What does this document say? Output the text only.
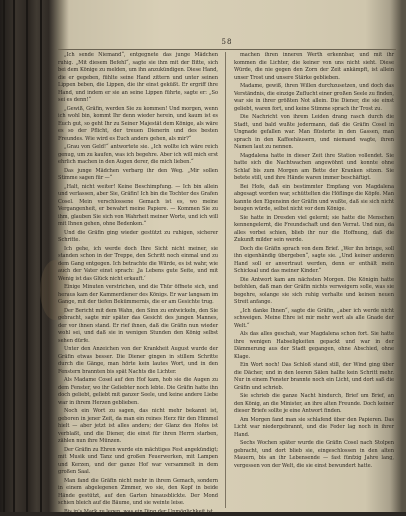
58

„Ich sende Niemand“, entgegnete das junge Mädchen ruhig. „Mit diesem Befehl“, sagte sie ihm mit der Bitte, sich bei dem Könige zu melden, um ihn anzukündigen. Diese Hand, die er gegeben, fühlte seine Hand zittern und unter seinen Lippen beben, die Lippen, die ihr einst geküßt. Er ergriff ihre Hand, und indem er sie an seine Lippen führte, sagte er: „So sei es denn!“

„Gewiß, Gräfin, werden Sie zu kommen! Und morgen, wenn ich wohl bin, kommt Ihr denn wieder herein, und kaum ist es Euch gut, so geht Ihr zu Seiner Majestät dem Könige, als wäre es so der Pflicht, der treuen Dienerin und des besten Freundes. Wie wird es Euch anders gehen, als mir?“

„Grau von Geld!“ antwortete sie. „Ich wollte ich wäre reich genug, um zu kaufen, was ich begehre. Aber ich will mich erst ehrlich machen in den Augen derer, die mich lieben.“

Das junge Mädchen verbarg ihr den Weg. „Mir sollen Stimme sagen für —“

„Halt, nicht weiter! Keine Beschimpfung. — Ich bin allein und verlassen, aber Sie, Gräfin! Ich bin die Tochter des Grafen Cosel. Mein verschlossene Gemach ist es, wo meine Vergangenheit, er bewahrt meine Papiere. — Kommen Sie zu ihm, glauben Sie sich von Wahrheit meiner Worte, und ich will mit Ihnen gehen, ohne Bedenken.“

Und die Gräfin ging wieder gestützt zu ruhigen, sicherer Schritte.

Ich gehe, ich werde doch Ihre Sicht nicht meiner, sie standen schon in der Treppe, den Schritt noch einmal und zu dem Gang entgegen. Ich betrachte die Würde, es ist wahr, wie auch der Vater einst sprach: ‚Ja Lebens gute Seite, und mit Wenig ist das Glück nicht erkauft.‘

Einige Minuten verstrichen, und die Thür öffnete sich, und heraus kam der Kammerdiener des Königs. Er war langsam im Gange, mit der tiefen Bekümmernis, die er am Gesichte trug.

Der Bericht mit dem Wahn, den Sinn zu entwickeln, den Sie gebracht, sagte mir später das Gesicht des jungen Mannes, der vor ihnen stand. Er rief ihnen, daß die Gräfin nun wieder wohl sei, und daß sie in wenigen Stunden den König selbst sehen dürfe.

Unter den Anzeichen von der Krankheit August wurde der Gräfin etwas besser. Die Diener gingen in stillem Schritte durch die Gänge, man hörte kein lautes Wort, und in den Fenstern brannten bis spät Nachts die Lichter.

Als Madame Cosel auf den Hof kam, hob sie die Augen zu dem Fenster, wo ihr Geliebter noch lebte. Die Gräfin hatte ihn doch geliebt, geliebt mit ganzer Seele, und keine andere Liebe war in ihrem Herzen geblieben.

Noch ein Wort zu sagen, das nicht mehr bekannt ist, geboren in jener Zeit, da man ein reines Herz für den Himmel hielt — aber jetzt ist alles anders; der Glanz des Hofes ist verblaßt, und die Diener, die einst für ihren Herrn starben, zählen nun ihre Münzen.

Der Gräfin zu Ehren wurde ein mächtiges Fest angekündigt; mit Musik und Tanz und großen Feuerwerken, mit Lampen und Kerzen, und der ganze Hof war versammelt in dem großen Saal.

Man fand die Gräfin nicht mehr in ihrem Gemach, sondern in einem abgelegenen Zimmer, wo sie, den Kopf in beide Hände gestützt, auf den Garten hinausblickte. Der Mond schien bleich auf die Bäume, und sie weinte leise.

Bis in's Mark zu legen, was ein Ding der Unmöglichkeit ist.

machen ihren inneren Werth erkennbar, und mit ihr kommen die Lichter, die keiner von uns nicht sieht. Diese Würde, die nie gegen den Zorn der Zeit ankämpft, ist allein unser Trost und unsere Stärke geblieben.

Madame, gewiß, ihren Willen durchzusetzen, und doch das Verständnis, die einzige Zuflucht einer großen Seele zu finden, war sie in ihrer größten Not allein. Die Diener, die sie einst geliebt, waren fort, und keine Stimme sprach ihr Trost zu.

Die Nachricht von ihrem Leiden drang rasch durch die Stadt, und bald wußte jedermann, daß die Gräfin Cosel in Ungnade gefallen war. Man flüsterte in den Gassen, man sprach in den Kaffeehäusern, und niemand wagte, ihren Namen laut zu nennen.

Magdalena hatte in dieser Zeit ihre Station vollendet. Sie hatte sich die Nachtwachen angewöhnt und konnte ohne Schlaf bis zum Morgen am Bette der Kranken sitzen. Sie betete still, und ihre Hände waren immer beschäftigt.

Bei Hofe, daß ein bestimmter Empfang von Magdalena abgesagt worden war, schüttelten die Höflinge die Köpfe. Man kannte den Eigensinn der Gräfin und wußte, daß sie sich nicht beugen würde, selbst nicht vor dem Könige.

Sie hatte in Dresden viel gelernt; sie hatte die Menschen kennengelernt, die Freundschaft und den Verrat. Und nun, da alles vorbei schien, blieb ihr nur die Hoffnung, daß die Zukunft milder sein werde.

Doch die Gräfin sprach von dem Brief. „Wer ihn bringe, soll ihn eigenhändig übergeben“, sagte sie. „Und keiner anderen Hand soll er anvertraut werden, denn er enthält mein Schicksal und das meiner Kinder.“

Die Antwort kam am nächsten Morgen. Die Königin hatte befohlen, daß man der Gräfin nichts verweigern solle, was sie begehre, solange sie sich ruhig verhalte und keinen neuen Streit anfange.

„Ich danke Ihnen“, sagte die Gräfin, „aber ich werde nicht schweigen. Meine Ehre ist mir mehr wert als alle Gnade der Welt.“

Als das alles geschah, war Magdalena schon fort. Sie hatte ihre wenigen Habseligkeiten gepackt und war in der Dämmerung aus der Stadt gegangen, ohne Abschied, ohne Klage.

Ein Wort noch! Das Schloß stand still, der Wind ging über die Dächer, und in den leeren Sälen hallte kein Schritt mehr. Nur in einem Fenster brannte noch ein Licht, und dort saß die Gräfin und schrieb.

Sie schrieb die ganze Nacht hindurch, Brief um Brief, an den König, an die Minister, an ihre alten Freunde. Doch keiner dieser Briefe sollte je eine Antwort finden.

Am Morgen fand man sie schlafend über den Papieren. Das Licht war niedergebrannt, und die Feder lag noch in ihrer Hand.

Sechs Wochen später wurde die Gräfin Cosel nach Stolpen gebracht, und dort blieb sie, eingeschlossen in den alten Mauern, bis an ihr Lebensende — fast fünfzig Jahre lang, vergessen von der Welt, die sie einst bewundert hatte.
